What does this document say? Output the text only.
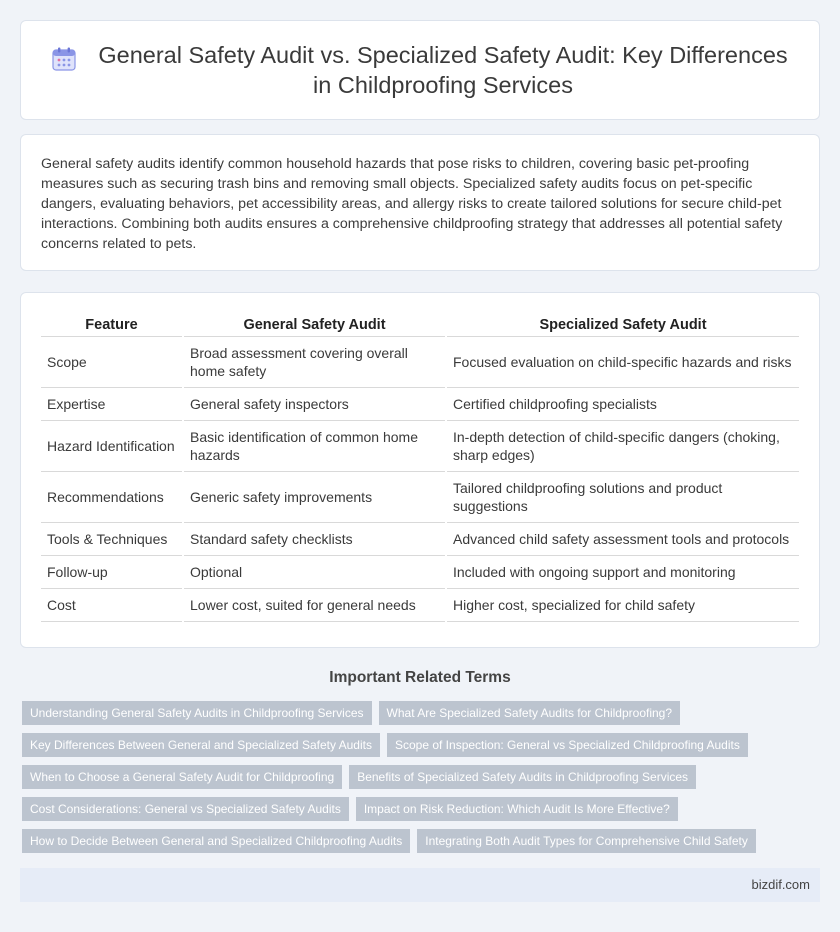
General Safety Audit vs. Specialized Safety Audit: Key Differences in Childproofing Services

General safety audits identify common household hazards that pose risks to children, covering basic pet-proofing measures such as securing trash bins and removing small objects. Specialized safety audits focus on pet-specific dangers, evaluating behaviors, pet accessibility areas, and allergy risks to create tailored solutions for secure child-pet interactions. Combining both audits ensures a comprehensive childproofing strategy that addresses all potential safety concerns related to pets.

Feature	General Safety Audit	Specialized Safety Audit
Scope	Broad assessment covering overall home safety	Focused evaluation on child-specific hazards and risks
Expertise	General safety inspectors	Certified childproofing specialists
Hazard Identification	Basic identification of common home hazards	In-depth detection of child-specific dangers (choking, sharp edges)
Recommendations	Generic safety improvements	Tailored childproofing solutions and product suggestions
Tools & Techniques	Standard safety checklists	Advanced child safety assessment tools and protocols
Follow-up	Optional	Included with ongoing support and monitoring
Cost	Lower cost, suited for general needs	Higher cost, specialized for child safety
Important Related Terms
Understanding General Safety Audits in Childproofing Services	What Are Specialized Safety Audits for Childproofing?
Key Differences Between General and Specialized Safety Audits	Scope of Inspection: General vs Specialized Childproofing Audits
When to Choose a General Safety Audit for Childproofing	Benefits of Specialized Safety Audits in Childproofing Services
Cost Considerations: General vs Specialized Safety Audits	Impact on Risk Reduction: Which Audit Is More Effective?
How to Decide Between General and Specialized Childproofing Audits	Integrating Both Audit Types for Comprehensive Child Safety
bizdif.com
